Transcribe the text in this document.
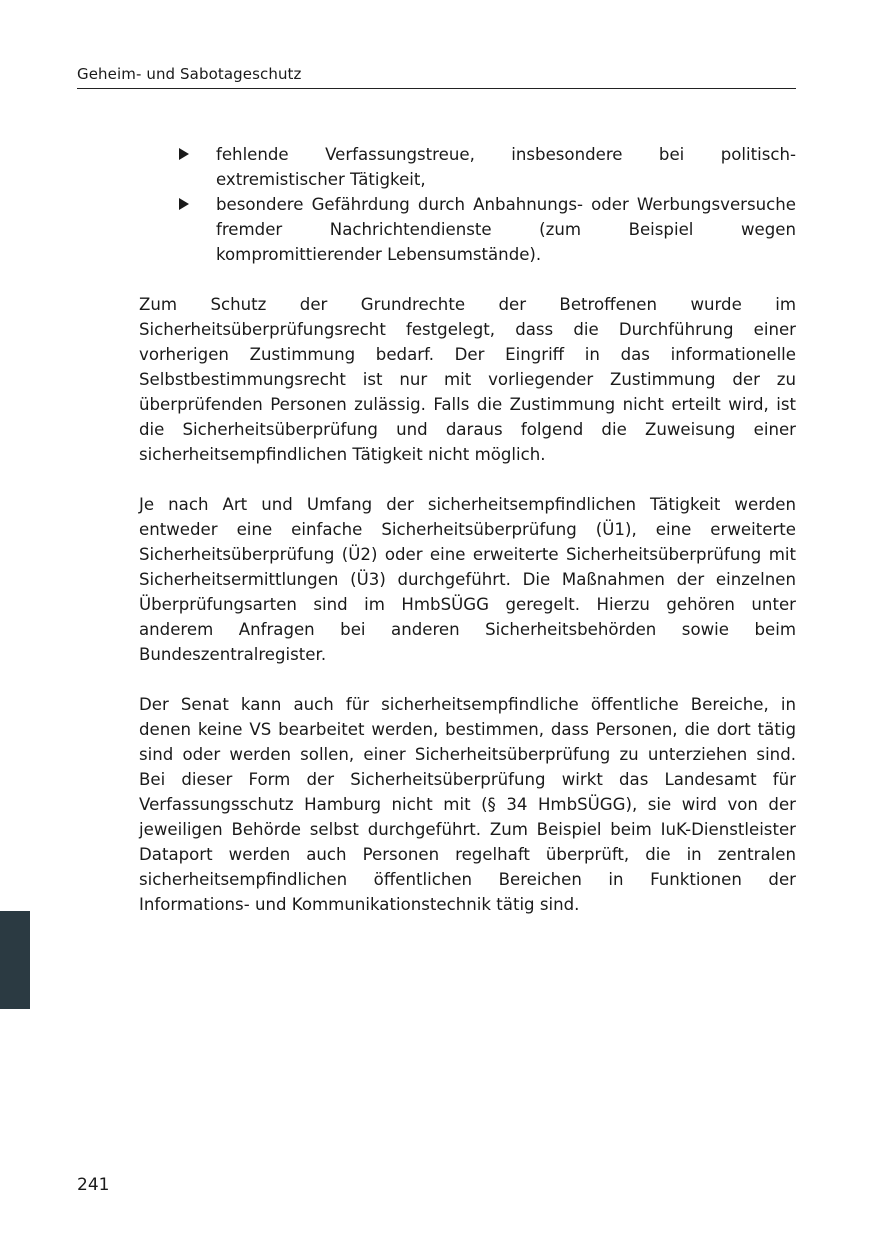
Geheim- und Sabotageschutz
fehlende Verfassungstreue, insbesondere bei politisch-extremistischer Tätigkeit,
besondere Gefährdung durch Anbahnungs- oder Werbungsversuche fremder Nachrichtendienste (zum Beispiel wegen kompromittierender Lebensumstände).

Zum Schutz der Grundrechte der Betroffenen wurde im Sicherheitsüberprüfungsrecht festgelegt, dass die Durchführung einer vorherigen Zustimmung bedarf. Der Eingriff in das informationelle Selbstbestimmungsrecht ist nur mit vorliegender Zustimmung der zu überprüfenden Personen zulässig. Falls die Zustimmung nicht erteilt wird, ist die Sicherheitsüberprüfung und daraus folgend die Zuweisung einer sicherheitsempfindlichen Tätigkeit nicht möglich.

Je nach Art und Umfang der sicherheitsempfindlichen Tätigkeit werden entweder eine einfache Sicherheitsüberprüfung (Ü1), eine erweiterte Sicherheitsüberprüfung (Ü2) oder eine erweiterte Sicherheitsüberprüfung mit Sicherheitsermittlungen (Ü3) durchgeführt. Die Maßnahmen der einzelnen Überprüfungsarten sind im HmbSÜGG geregelt. Hierzu gehören unter anderem Anfragen bei anderen Sicherheitsbehörden sowie beim Bundeszentralregister.

Der Senat kann auch für sicherheitsempfindliche öffentliche Bereiche, in denen keine VS bearbeitet werden, bestimmen, dass Personen, die dort tätig sind oder werden sollen, einer Sicherheitsüberprüfung zu unterziehen sind. Bei dieser Form der Sicherheitsüberprüfung wirkt das Landesamt für Verfassungsschutz Hamburg nicht mit (§ 34 HmbSÜGG), sie wird von der jeweiligen Behörde selbst durchgeführt. Zum Beispiel beim IuK-Dienstleister Dataport werden auch Personen regelhaft überprüft, die in zentralen sicherheitsempfindlichen öffentlichen Bereichen in Funktionen der Informations- und Kommunikationstechnik tätig sind.

241
